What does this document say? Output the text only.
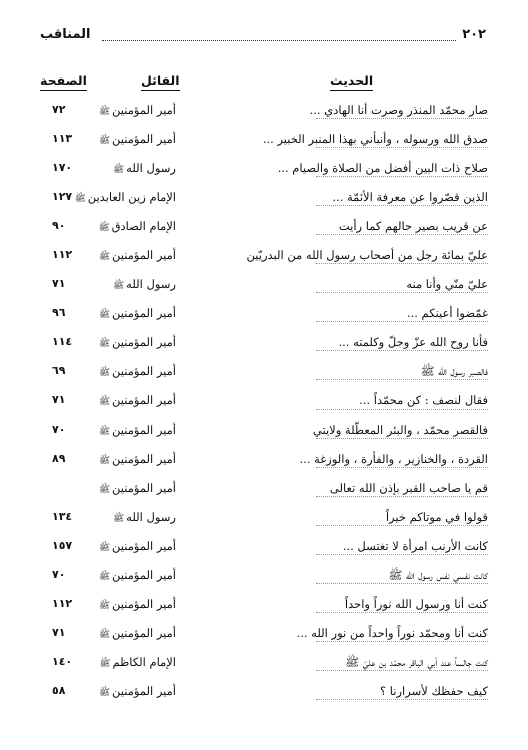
٢٠٢
المناقب
الحديث
القائل
الصفحة
صار محمّد المنذر وصرت أنا الهادي ...
أمير المؤمنينﷺ
٧٢
صدق الله ورسوله ، وأنبأني بهذا المنبر الخبير ...
أمير المؤمنينﷺ
١١٣
صلاح ذات البين أفضل من الصلاة والصيام ...
رسول اللهﷺ
١٧٠
الذين قصّروا عن معرفة الأئمّة ...
الإمام زين العابدينﷺ
١٢٧
عن قريب بصير حالهم كما رأيت
الإمام الصادقﷺ
٩٠
عليّ بمائة رجل من أصحاب رسول الله من البدريّين
أمير المؤمنينﷺ
١١٢
عليّ منّي وأنا منه
رسول اللهﷺ
٧١
غمّضوا أعينكم ...
أمير المؤمنينﷺ
٩٦
فأنا روح الله عزّ وجلّ وكلمته ...
أمير المؤمنينﷺ
١١٤
فالصبر رسول الله ﷺ
أمير المؤمنينﷺ
٦٩
فقال لنصف : كن محمّداً ...
أمير المؤمنينﷺ
٧١
فالقصر محمّد ، والبئر المعطّلة ولايتي
أمير المؤمنينﷺ
٧٠
القردة ، والخنازير ، والفأرة ، والوزغة ...
أمير المؤمنينﷺ
٨٩
قم يا صاحب القبر بإذن الله تعالى
أمير المؤمنينﷺ
قولوا في موتاكم خيراً
رسول اللهﷺ
١٣٤
كانت الأرنب امرأة لا تغتسل ...
أمير المؤمنينﷺ
١٥٧
كانت نفسي نفس رسول الله ﷺ
أمير المؤمنينﷺ
٧٠
كنت أنا ورسول الله نوراً واحداً
أمير المؤمنينﷺ
١١٢
كنت أنا ومحمّد نوراً واحداً من نور الله ...
أمير المؤمنينﷺ
٧١
كنت جالساً عند أبي الباقر محمّد بن عليّ ﷺ
الإمام الكاظمﷺ
١٤٠
كيف حفظك لأسرارنا ؟
أمير المؤمنينﷺ
٥٨
